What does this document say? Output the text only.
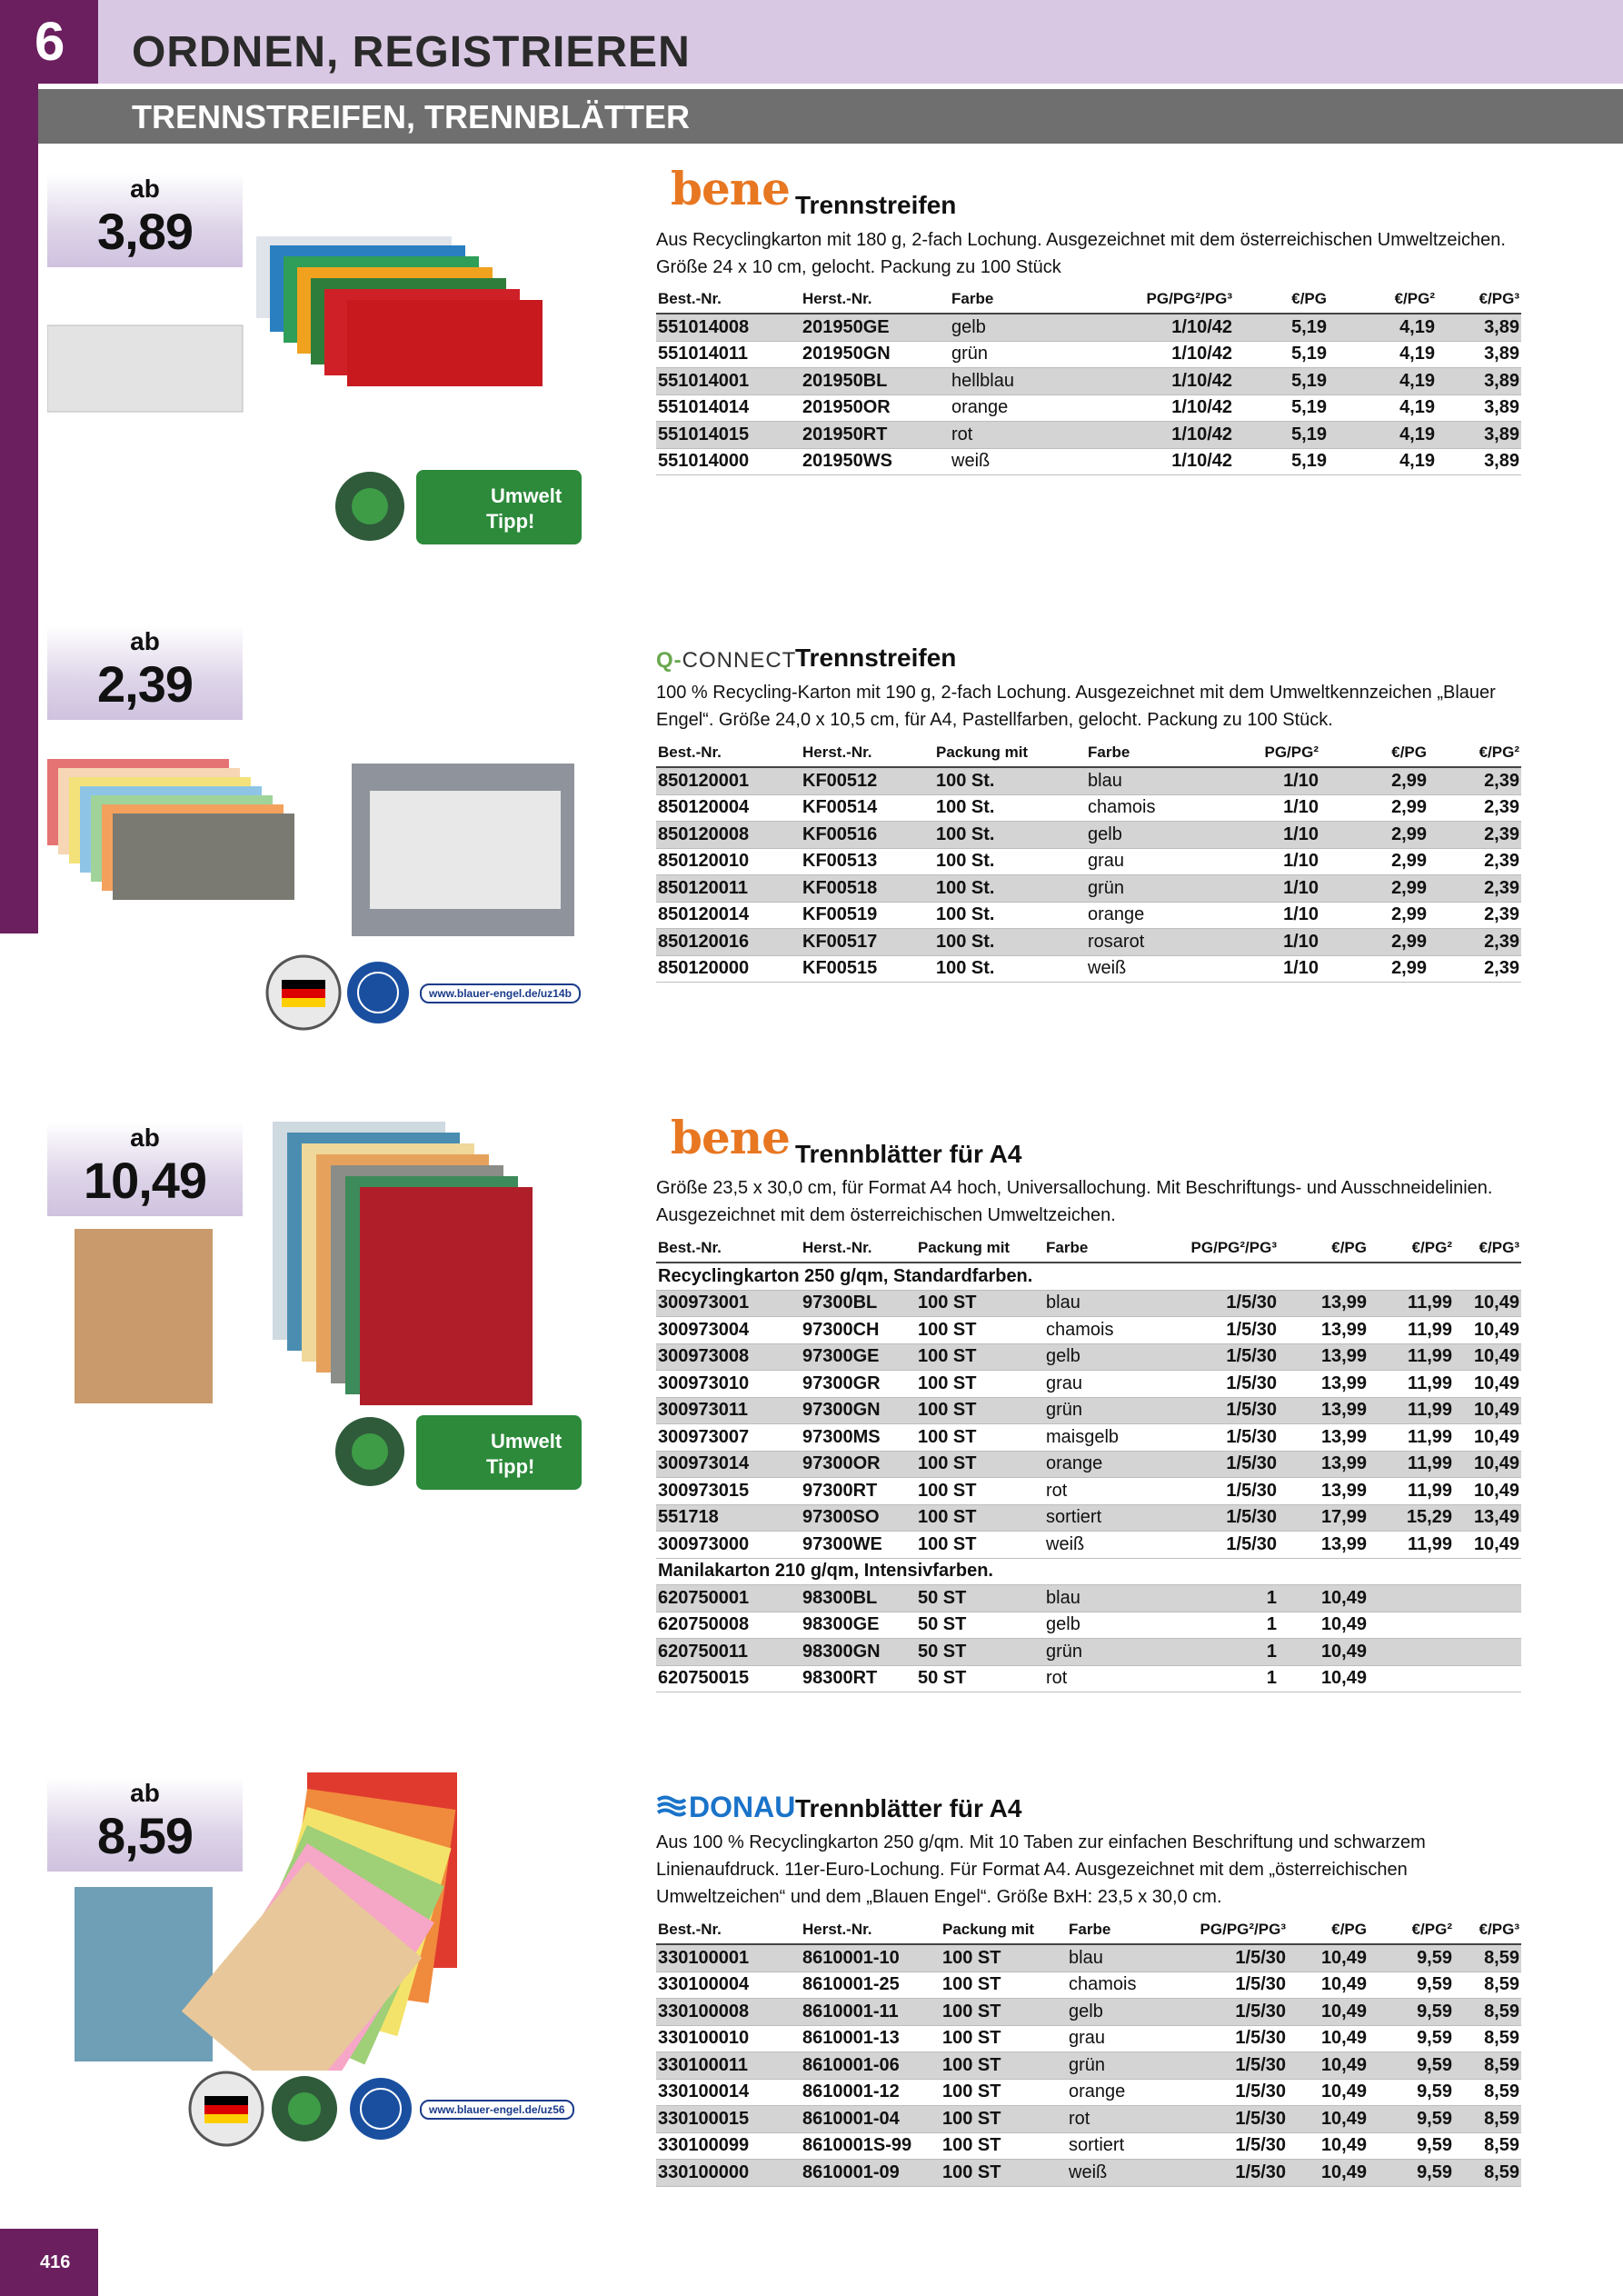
6	ORDNEN, REGISTRIEREN
TRENNSTREIFEN, TRENNBLÄTTER
ab
3,89
Umwelt
Tipp!
bene Trennstreifen
Aus Recyclingkarton mit 180 g, 2-fach Lochung. Ausgezeichnet mit dem österreichischen Umweltzeichen. Größe 24 x 10 cm, gelocht. Packung zu 100 Stück
Best.-Nr.	Herst.-Nr.	Farbe	PG/PG²/PG³	€/PG	€/PG²	€/PG³
551014008	201950GE	gelb	1/10/42	5,19	4,19	3,89
551014011	201950GN	grün	1/10/42	5,19	4,19	3,89
551014001	201950BL	hellblau	1/10/42	5,19	4,19	3,89
551014014	201950OR	orange	1/10/42	5,19	4,19	3,89
551014015	201950RT	rot	1/10/42	5,19	4,19	3,89
551014000	201950WS	weiß	1/10/42	5,19	4,19	3,89
ab
2,39
www.blauer-engel.de/uz14b
Q-CONNECT
Trennstreifen
100 % Recycling-Karton mit 190 g, 2-fach Lochung. Ausgezeichnet mit dem Umweltkennzeichen „Blauer Engel“. Größe 24,0 x 10,5 cm, für A4, Pastellfarben, gelocht. Packung zu 100 Stück.
Best.-Nr.	Herst.-Nr.	Packung mit	Farbe	PG/PG²	€/PG	€/PG²
850120001	KF00512	100 St.	blau	1/10	2,99	2,39
850120004	KF00514	100 St.	chamois	1/10	2,99	2,39
850120008	KF00516	100 St.	gelb	1/10	2,99	2,39
850120010	KF00513	100 St.	grau	1/10	2,99	2,39
850120011	KF00518	100 St.	grün	1/10	2,99	2,39
850120014	KF00519	100 St.	orange	1/10	2,99	2,39
850120016	KF00517	100 St.	rosarot	1/10	2,99	2,39
850120000	KF00515	100 St.	weiß	1/10	2,99	2,39
ab
10,49
Umwelt
Tipp!
bene Trennblätter für A4
Größe 23,5 x 30,0 cm, für Format A4 hoch, Universallochung. Mit Beschriftungs- und Ausschneidelinien. Ausgezeichnet mit dem österreichischen Umweltzeichen.
Best.-Nr.	Herst.-Nr.	Packung mit	Farbe	PG/PG²/PG³	€/PG	€/PG²	€/PG³
Recyclingkarton 250 g/qm, Standardfarben.							
300973001	97300BL	100 ST	blau	1/5/30	13,99	11,99	10,49
300973004	97300CH	100 ST	chamois	1/5/30	13,99	11,99	10,49
300973008	97300GE	100 ST	gelb	1/5/30	13,99	11,99	10,49
300973010	97300GR	100 ST	grau	1/5/30	13,99	11,99	10,49
300973011	97300GN	100 ST	grün	1/5/30	13,99	11,99	10,49
300973007	97300MS	100 ST	maisgelb	1/5/30	13,99	11,99	10,49
300973014	97300OR	100 ST	orange	1/5/30	13,99	11,99	10,49
300973015	97300RT	100 ST	rot	1/5/30	13,99	11,99	10,49
551718	97300SO	100 ST	sortiert	1/5/30	17,99	15,29	13,49
300973000	97300WE	100 ST	weiß	1/5/30	13,99	11,99	10,49
Manilakarton 210 g/qm, Intensivfarben.							
620750001	98300BL	50 ST	blau	1	10,49		
620750008	98300GE	50 ST	gelb	1	10,49		
620750011	98300GN	50 ST	grün	1	10,49		
620750015	98300RT	50 ST	rot	1	10,49		
ab
8,59
www.blauer-engel.de/uz56
DONAU Trennblätter für A4
Aus 100 % Recyclingkarton 250 g/qm. Mit 10 Taben zur einfachen Beschriftung und schwarzem Linienaufdruck. 11er-Euro-Lochung. Für Format A4. Ausgezeichnet mit dem „österreichischen Umweltzeichen“ und dem „Blauen Engel“. Größe BxH: 23,5 x 30,0 cm.
Best.-Nr.	Herst.-Nr.	Packung mit	Farbe	PG/PG²/PG³	€/PG	€/PG²	€/PG³
330100001	8610001-10	100 ST	blau	1/5/30	10,49	9,59	8,59
330100004	8610001-25	100 ST	chamois	1/5/30	10,49	9,59	8,59
330100008	8610001-11	100 ST	gelb	1/5/30	10,49	9,59	8,59
330100010	8610001-13	100 ST	grau	1/5/30	10,49	9,59	8,59
330100011	8610001-06	100 ST	grün	1/5/30	10,49	9,59	8,59
330100014	8610001-12	100 ST	orange	1/5/30	10,49	9,59	8,59
330100015	8610001-04	100 ST	rot	1/5/30	10,49	9,59	8,59
330100099	8610001S-99	100 ST	sortiert	1/5/30	10,49	9,59	8,59
330100000	8610001-09	100 ST	weiß	1/5/30	10,49	9,59	8,59
416
